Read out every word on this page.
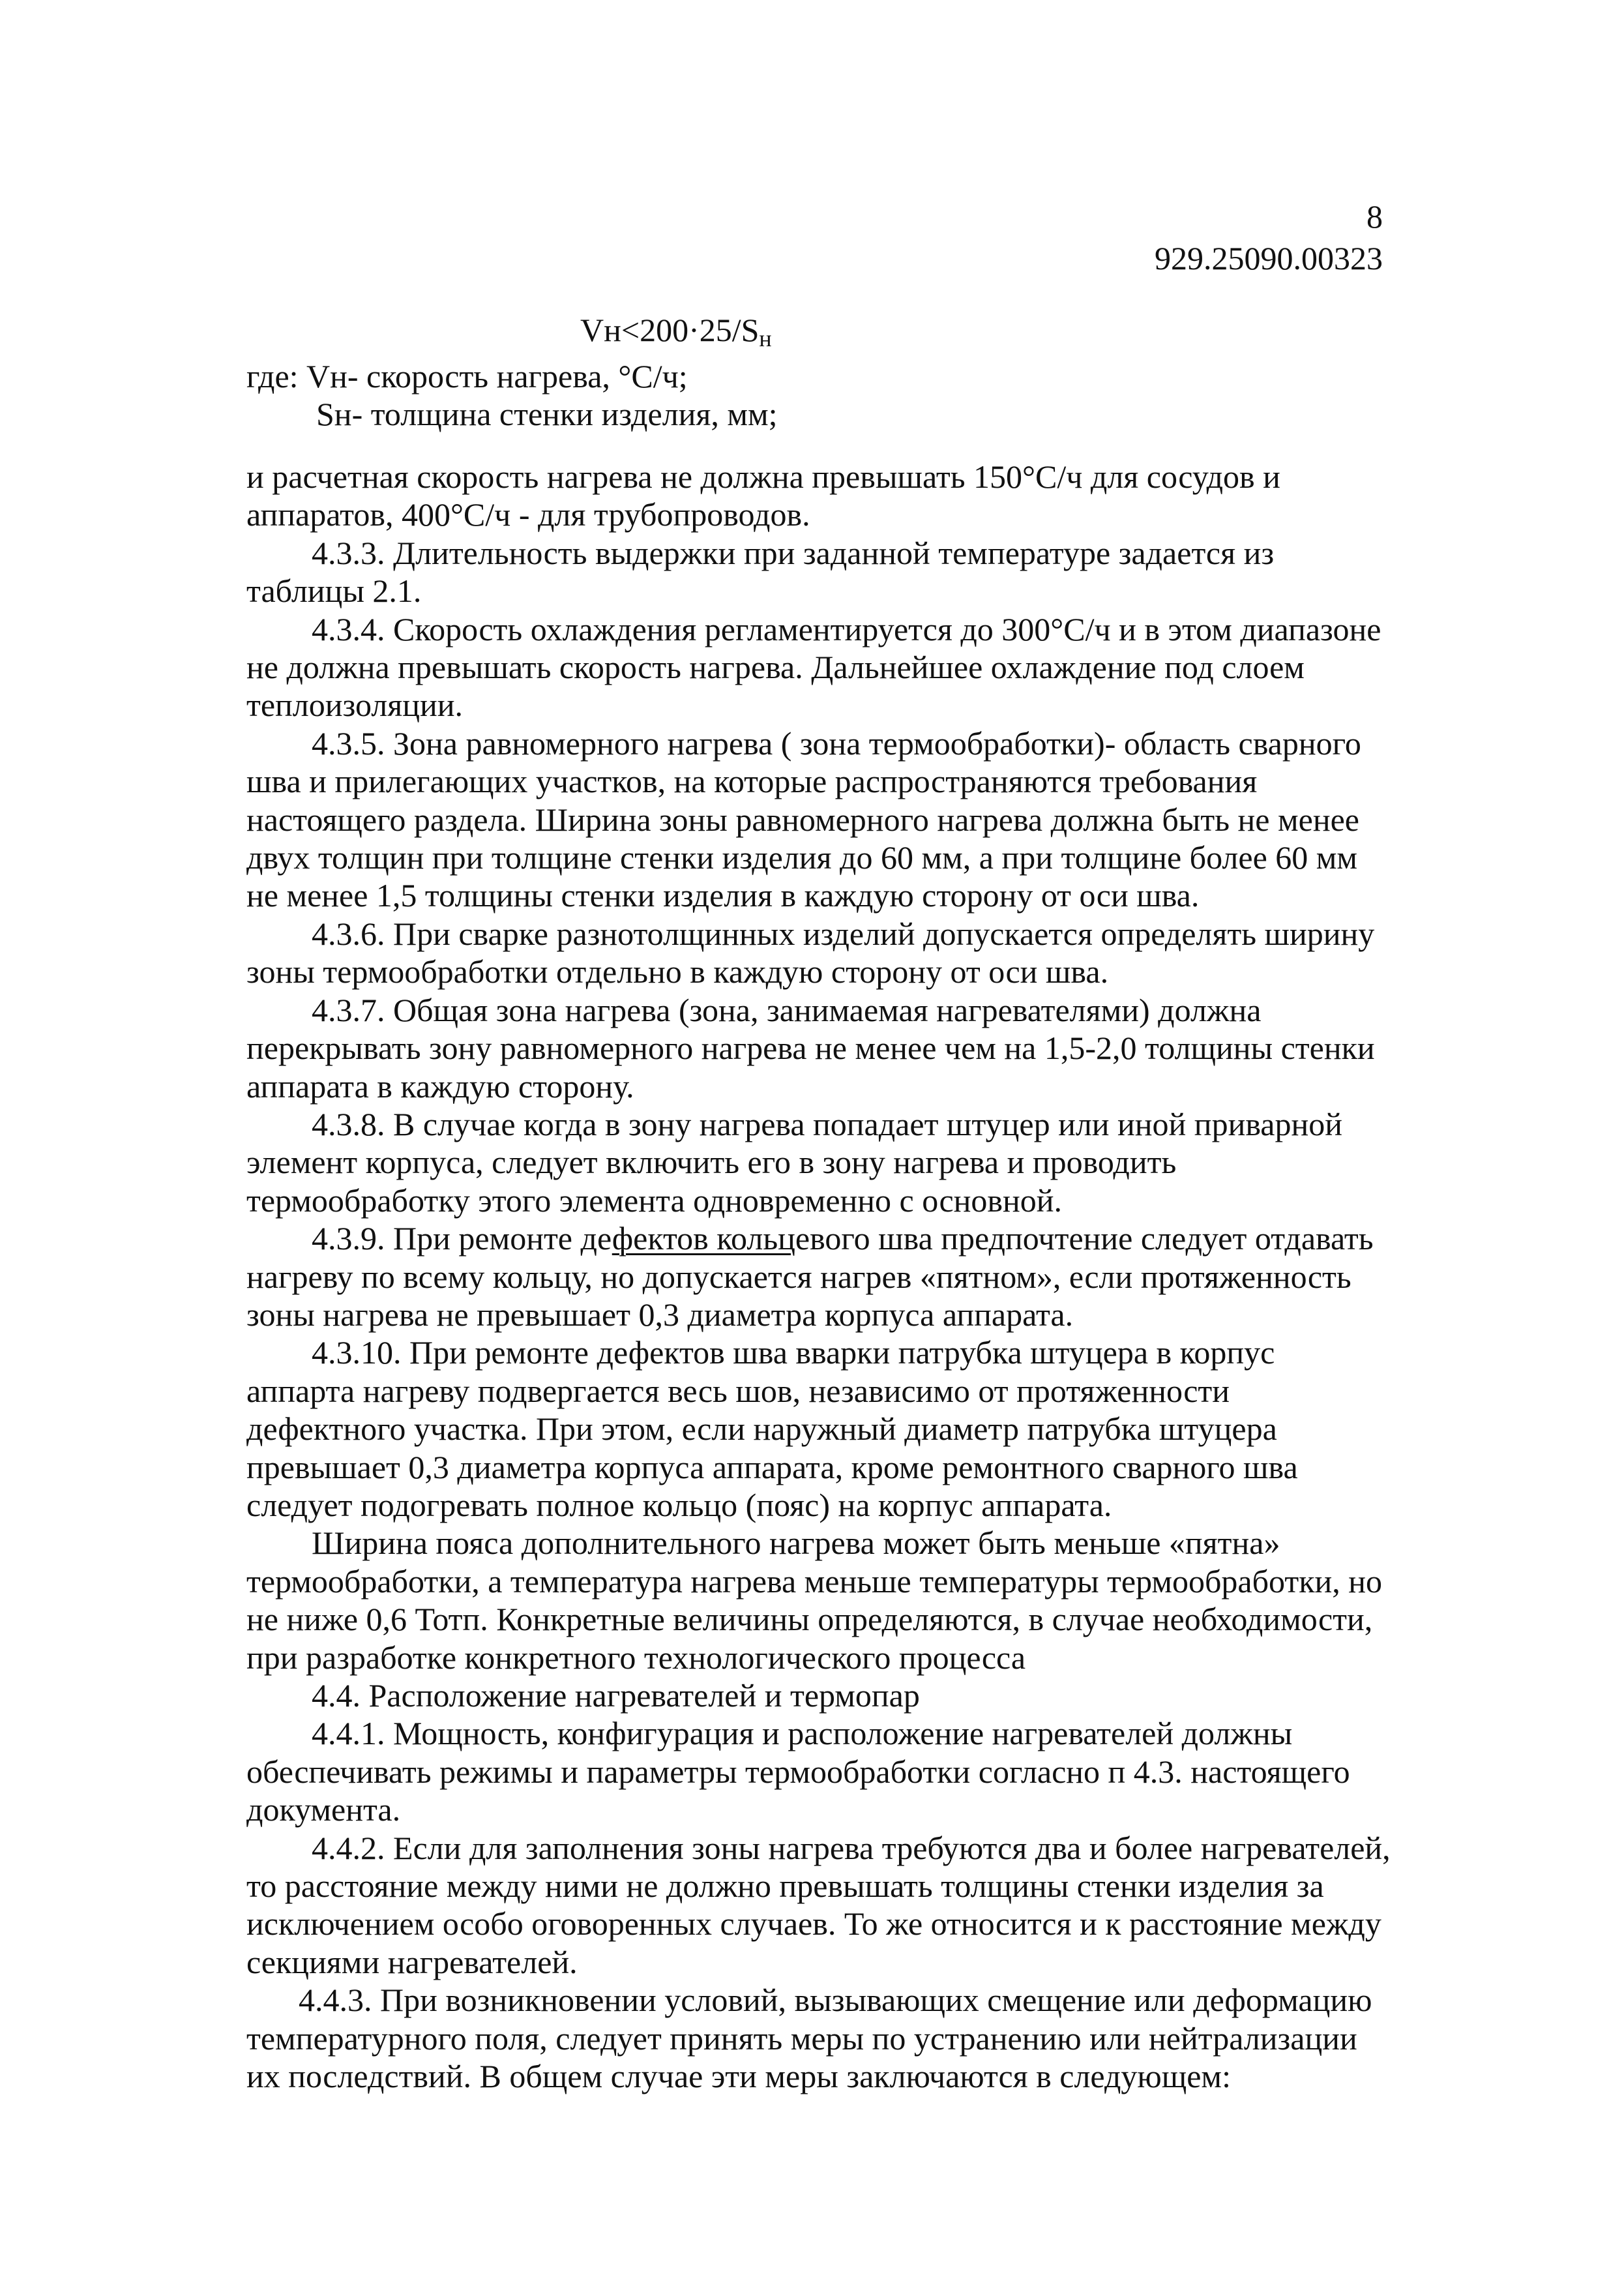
8
929.25090.00323
$Vн<200\cdot 25/S_н$
где: Vн- скорость нагрева, °С/ч;
Sн- толщина стенки изделия, мм;

и расчетная скорость нагрева не должна превышать 150°С/ч для сосудов и аппаратов, 400°С/ч - для трубопроводов.

4.3.3. Длительность выдержки при заданной температуре задается из таблицы 2.1.

4.3.4. Скорость охлаждения регламентируется до 300°С/ч и в этом диапазоне не должна превышать скорость нагрева. Дальнейшее охлаждение под слоем теплоизоляции.

4.3.5. Зона равномерного нагрева ( зона термообработки)- область сварного шва и прилегающих участков, на которые распространяются требования настоящего раздела. Ширина зоны равномерного нагрева должна быть не менее двух толщин при толщине стенки изделия до 60 мм, а при толщине более 60 мм не менее 1,5 толщины стенки изделия в каждую сторону от оси шва.

4.3.6. При сварке разнотолщинных изделий допускается определять ширину зоны термообработки отдельно в каждую сторону от оси шва.

4.3.7. Общая зона нагрева (зона, занимаемая нагревателями) должна перекрывать зону равномерного нагрева не менее чем на 1,5-2,0 толщины стенки аппарата в каждую сторону.

4.3.8. В случае когда в зону нагрева попадает штуцер или иной приварной элемент корпуса, следует включить его в зону нагрева и проводить термообработку этого элемента одновременно с основной.

4.3.9. При ремонте дефектов кольцевого шва предпочтение следует отдавать нагреву по всему кольцу, но допускается нагрев «пятном», если протяженность зоны нагрева не превышает 0,3 диаметра корпуса аппарата.

4.3.10. При ремонте дефектов шва вварки патрубка штуцера в корпус аппарта нагреву подвергается весь шов, независимо от протяженности дефектного участка. При этом, если наружный диаметр патрубка штуцера превышает 0,3 диаметра корпуса аппарата, кроме ремонтного сварного шва следует подогревать полное кольцо (пояс) на корпус аппарата.

Ширина пояса дополнительного нагрева может быть меньше «пятна» термообработки, а температура нагрева меньше температуры термообработки, но не ниже 0,6 Тотп. Конкретные величины определяются, в случае необходимости, при разработке конкретного технологического процесса

4.4. Расположение нагревателей и термопар

4.4.1. Мощность, конфигурация и расположение нагревателей должны обеспечивать режимы и параметры термообработки согласно п 4.3. настоящего документа.

4.4.2. Если для заполнения зоны нагрева требуются два и более нагревателей, то расстояние между ними не должно превышать толщины стенки изделия за исключением особо оговоренных случаев. То же относится и к расстояние между секциями нагревателей.

4.4.3. При возникновении условий, вызывающих смещение или деформацию температурного поля, следует принять меры по устранению или нейтрализации их последствий. В общем случае эти меры заключаются в следующем:
